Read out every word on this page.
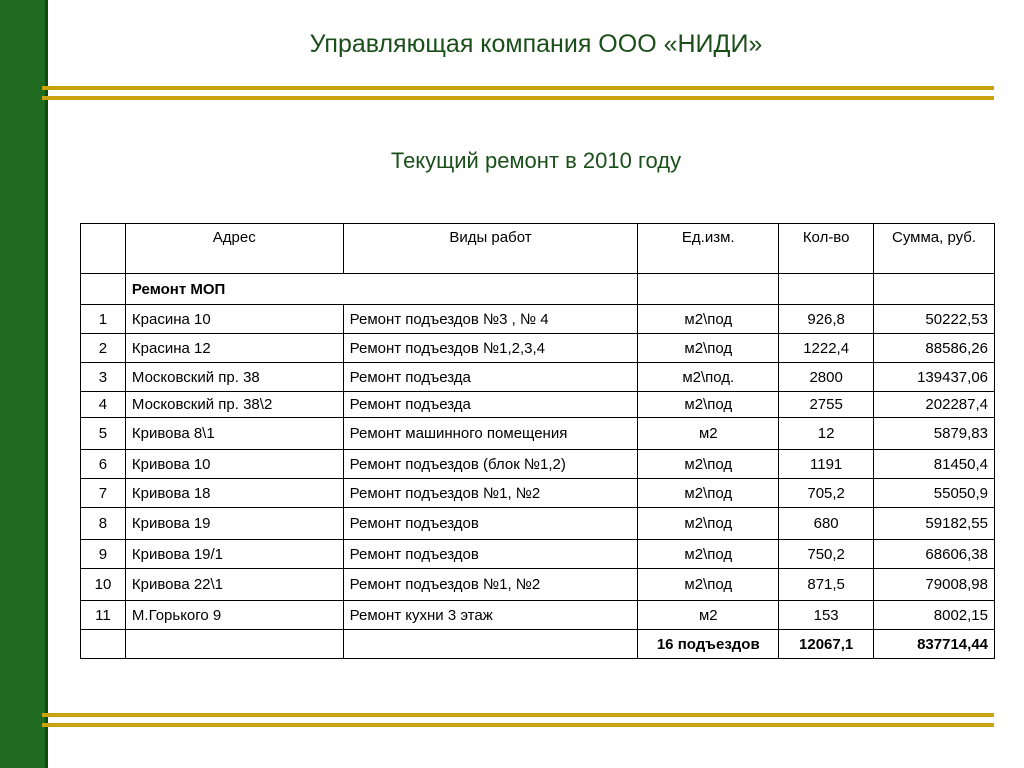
Управляющая компания ООО «НИДИ»
Текущий ремонт в 2010 году
	Адрес	Виды работ	Ед.изм.	Кол-во	Сумма, руб.
	Ремонт МОП				
1	Красина 10	Ремонт подъездов №3 , № 4	м2\под	926,8	50222,53
2	Красина 12	Ремонт подъездов №1,2,3,4	м2\под	1222,4	88586,26
3	Московский пр. 38	Ремонт подъезда	м2\под.	2800	139437,06
4	Московский пр. 38\2	Ремонт подъезда	м2\под	2755	202287,4
5	Кривова 8\1	Ремонт машинного помещения	м2	12	5879,83
6	Кривова 10	Ремонт подъездов (блок №1,2)	м2\под	1191	81450,4
7	Кривова 18	Ремонт подъездов №1, №2	м2\под	705,2	55050,9
8	Кривова 19	Ремонт подъездов	м2\под	680	59182,55
9	Кривова 19/1	Ремонт подъездов	м2\под	750,2	68606,38
10	Кривова 22\1	Ремонт подъездов №1, №2	м2\под	871,5	79008,98
11	М.Горького 9	Ремонт кухни 3 этаж	м2	153	8002,15
			16 подъездов	12067,1	837714,44
